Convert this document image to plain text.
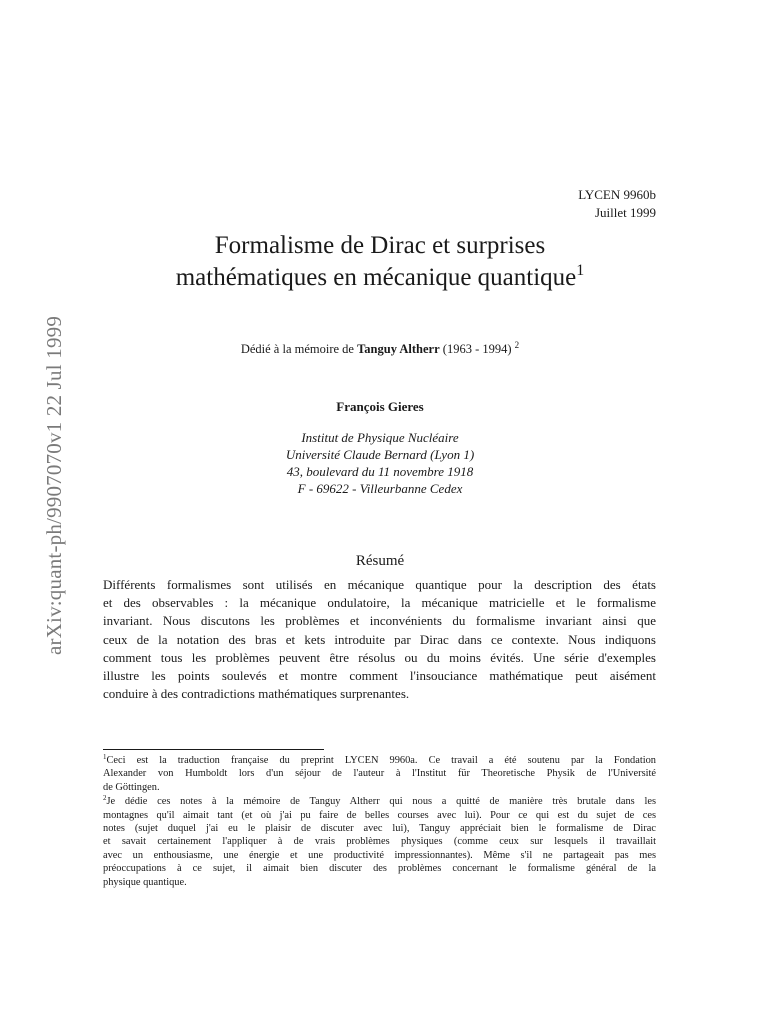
arXiv:quant-ph/9907070v1 22 Jul 1999
LYCEN 9960b
Juillet 1999
Formalisme de Dirac et surprises
mathématiques en mécanique quantique$^1$
Dédié à la mémoire de Tanguy Altherr (1963 - 1994) $^2$
François Gieres
Institut de Physique Nucléaire
Université Claude Bernard (Lyon 1)
43, boulevard du 11 novembre 1918
F - 69622 - Villeurbanne Cedex
Résumé
Différents formalismes sont utilisés en mécanique quantique pour la description des états
et des observables : la mécanique ondulatoire, la mécanique matricielle et le formalisme
invariant. Nous discutons les problèmes et inconvénients du formalisme invariant ainsi que
ceux de la notation des bras et kets introduite par Dirac dans ce contexte. Nous indiquons
comment tous les problèmes peuvent être résolus ou du moins évités. Une série d'exemples
illustre les points soulevés et montre comment l'insouciance mathématique peut aisément
conduire à des contradictions mathématiques surprenantes.
$^1$Ceci est la traduction française du preprint LYCEN 9960a. Ce travail a été soutenu par la Fondation
Alexander von Humboldt lors d'un séjour de l'auteur à l'Institut für Theoretische Physik de l'Université
de Göttingen.
$^2$Je dédie ces notes à la mémoire de Tanguy Altherr qui nous a quitté de manière très brutale dans les
montagnes qu'il aimait tant (et où j'ai pu faire de belles courses avec lui). Pour ce qui est du sujet de ces
notes (sujet duquel j'ai eu le plaisir de discuter avec lui), Tanguy appréciait bien le formalisme de Dirac
et savait certainement l'appliquer à de vrais problèmes physiques (comme ceux sur lesquels il travaillait
avec un enthousiasme, une énergie et une productivité impressionnantes). Même s'il ne partageait pas mes
préoccupations à ce sujet, il aimait bien discuter des problèmes concernant le formalisme général de la
physique quantique.
